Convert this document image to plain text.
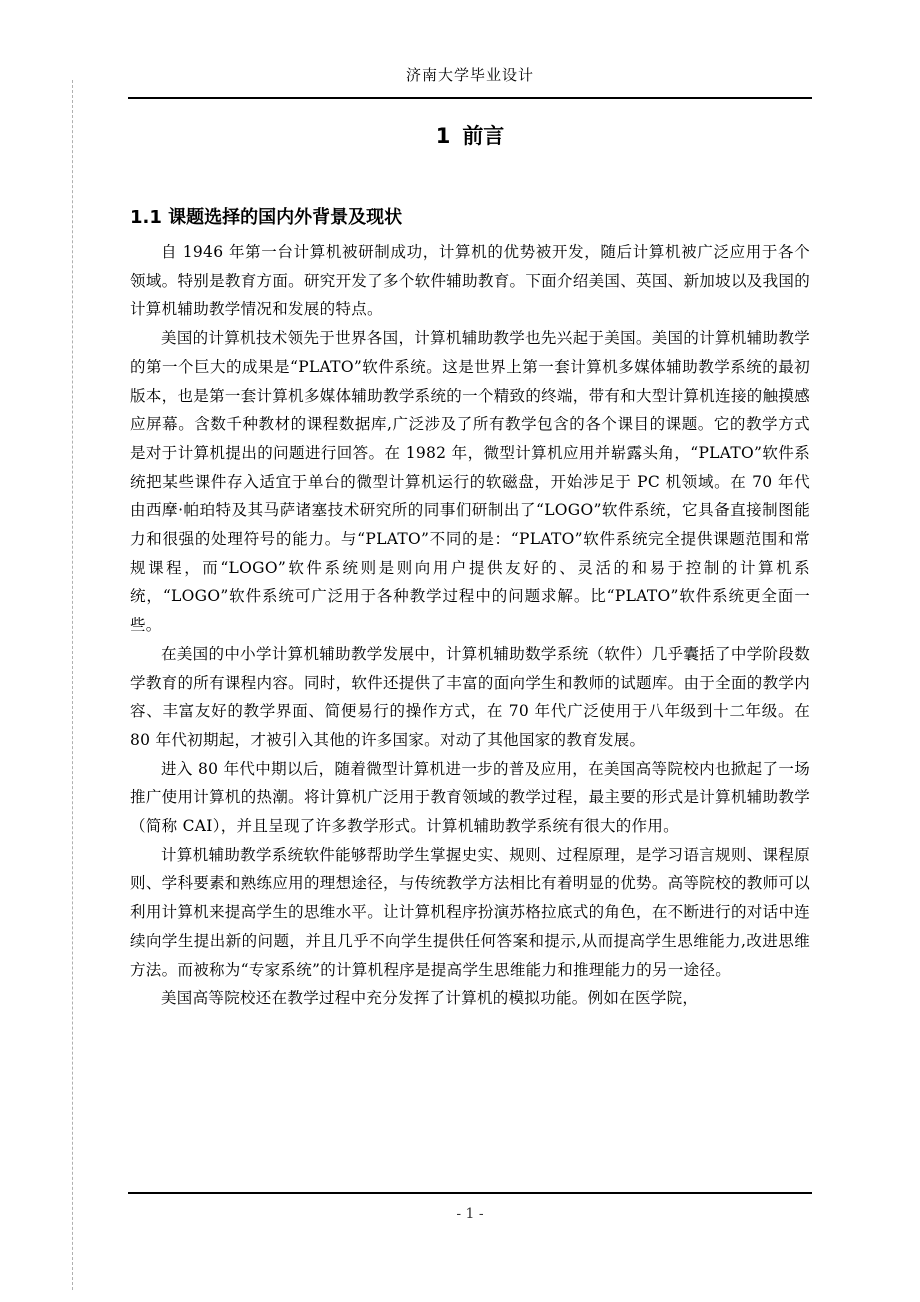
济南大学毕业设计
1 前言
1.1 课题选择的国内外背景及现状

自 1946 年第一台计算机被研制成功，计算机的优势被开发，随后计算机被广泛应用于各个领域。特别是教育方面。研究开发了多个软件辅助教育。下面介绍美国、英国、新加坡以及我国的计算机辅助教学情况和发展的特点。

美国的计算机技术领先于世界各国，计算机辅助教学也先兴起于美国。美国的计算机辅助教学的第一个巨大的成果是“PLATO”软件系统。这是世界上第一套计算机多媒体辅助教学系统的最初版本，也是第一套计算机多媒体辅助教学系统的一个精致的终端，带有和大型计算机连接的触摸感应屏幕。含数千种教材的课程数据库,广泛涉及了所有教学包含的各个课目的课题。它的教学方式是对于计算机提出的问题进行回答。在 1982 年，微型计算机应用并崭露头角，“PLATO”软件系统把某些课件存入适宜于单台的微型计算机运行的软磁盘，开始涉足于 PC 机领域。在 70 年代由西摩·帕珀特及其马萨诸塞技术研究所的同事们研制出了“LOGO”软件系统，它具备直接制图能力和很强的处理符号的能力。与“PLATO”不同的是：“PLATO”软件系统完全提供课题范围和常规课程，而“LOGO”软件系统则是则向用户提供友好的、灵活的和易于控制的计算机系统，“LOGO”软件系统可广泛用于各种教学过程中的问题求解。比“PLATO”软件系统更全面一些。

在美国的中小学计算机辅助教学发展中，计算机辅助数学系统（软件）几乎囊括了中学阶段数学教育的所有课程内容。同时，软件还提供了丰富的面向学生和教师的试题库。由于全面的教学内容、丰富友好的教学界面、简便易行的操作方式，在 70 年代广泛使用于八年级到十二年级。在 80 年代初期起，才被引入其他的许多国家。对动了其他国家的教育发展。

进入 80 年代中期以后，随着微型计算机进一步的普及应用，在美国高等院校内也掀起了一场推广使用计算机的热潮。将计算机广泛用于教育领域的教学过程，最主要的形式是计算机辅助教学（简称 CAI），并且呈现了许多教学形式。计算机辅助教学系统有很大的作用。

计算机辅助教学系统软件能够帮助学生掌握史实、规则、过程原理，是学习语言规则、课程原则、学科要素和熟练应用的理想途径，与传统教学方法相比有着明显的优势。高等院校的教师可以利用计算机来提高学生的思维水平。让计算机程序扮演苏格拉底式的角色，在不断进行的对话中连续向学生提出新的问题，并且几乎不向学生提供任何答案和提示,从而提高学生思维能力,改进思维方法。而被称为“专家系统”的计算机程序是提高学生思维能力和推理能力的另一途径。

美国高等院校还在教学过程中充分发挥了计算机的模拟功能。例如在医学院，

- 1 -
